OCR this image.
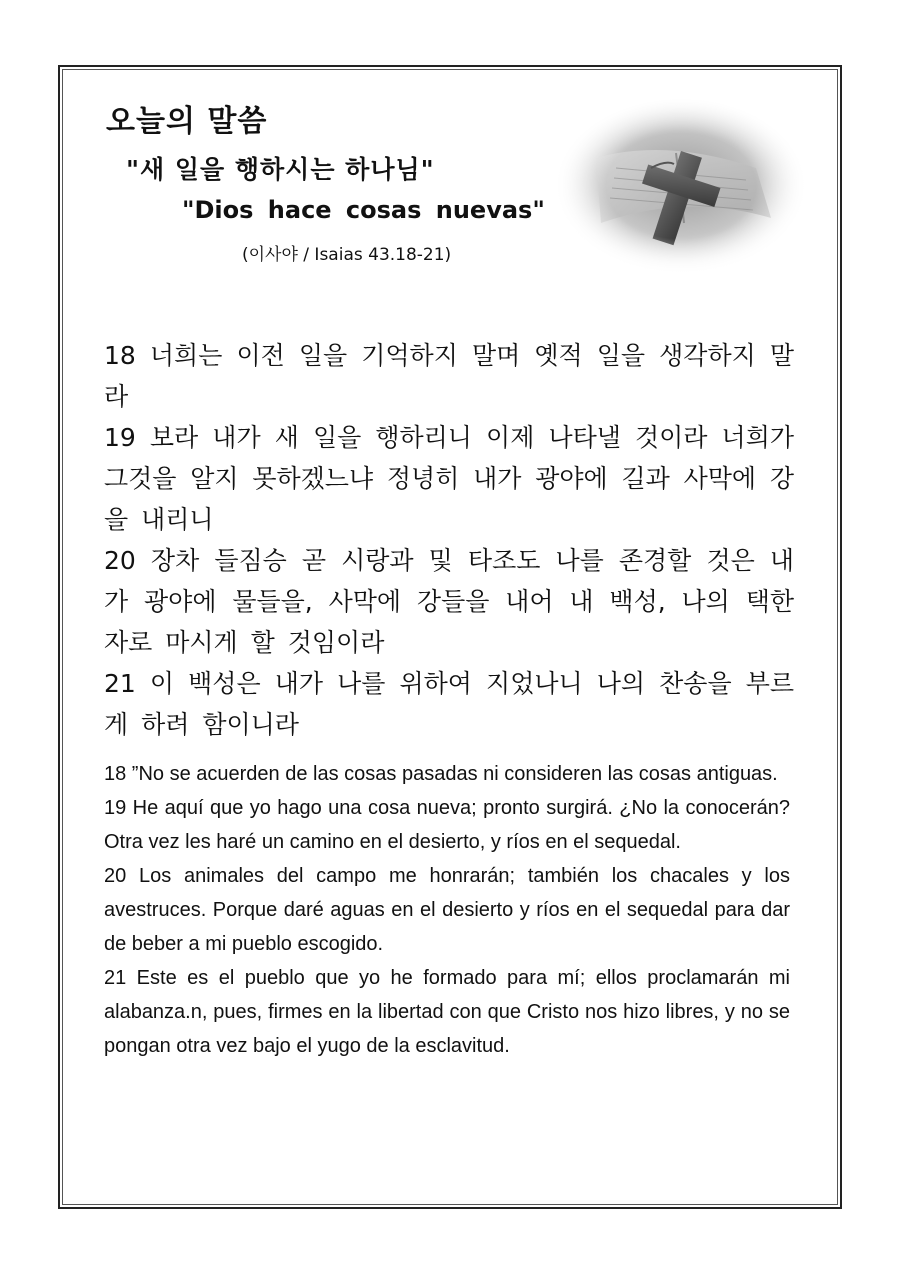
오늘의 말씀
"새 일을 행하시는 하나님"
"Dios hace cosas nuevas"

(이사야 / Isaias 43.18-21)

18 너희는 이전 일을 기억하지 말며 옛적 일을 생각하지 말라

19 보라 내가 새 일을 행하리니 이제 나타낼 것이라 너희가 그것을 알지 못하겠느냐 정녕히 내가 광야에 길과 사막에 강을 내리니

20 장차 들짐승 곧 시랑과 및 타조도 나를 존경할 것은 내가 광야에 물들을, 사막에 강들을 내어 내 백성, 나의 택한 자로 마시게 할 것임이라

21 이 백성은 내가 나를 위하여 지었나니 나의 찬송을 부르게 하려 함이니라

18 ”No se acuerden de las cosas pasadas ni consideren las cosas antiguas.

19 He aquí que yo hago una cosa nueva; pronto surgirá. ¿No la conocerán? Otra vez les haré un camino en el desierto, y ríos en el sequedal.

20 Los animales del campo me honrarán; también los chacales y los avestruces. Porque daré aguas en el desierto y ríos en el sequedal para dar de beber a mi pueblo escogido.

21 Este es el pueblo que yo he formado para mí; ellos proclamarán mi alabanza.n, pues, firmes en la libertad con que Cristo nos hizo libres, y no se pongan otra vez bajo el yugo de la esclavitud.
